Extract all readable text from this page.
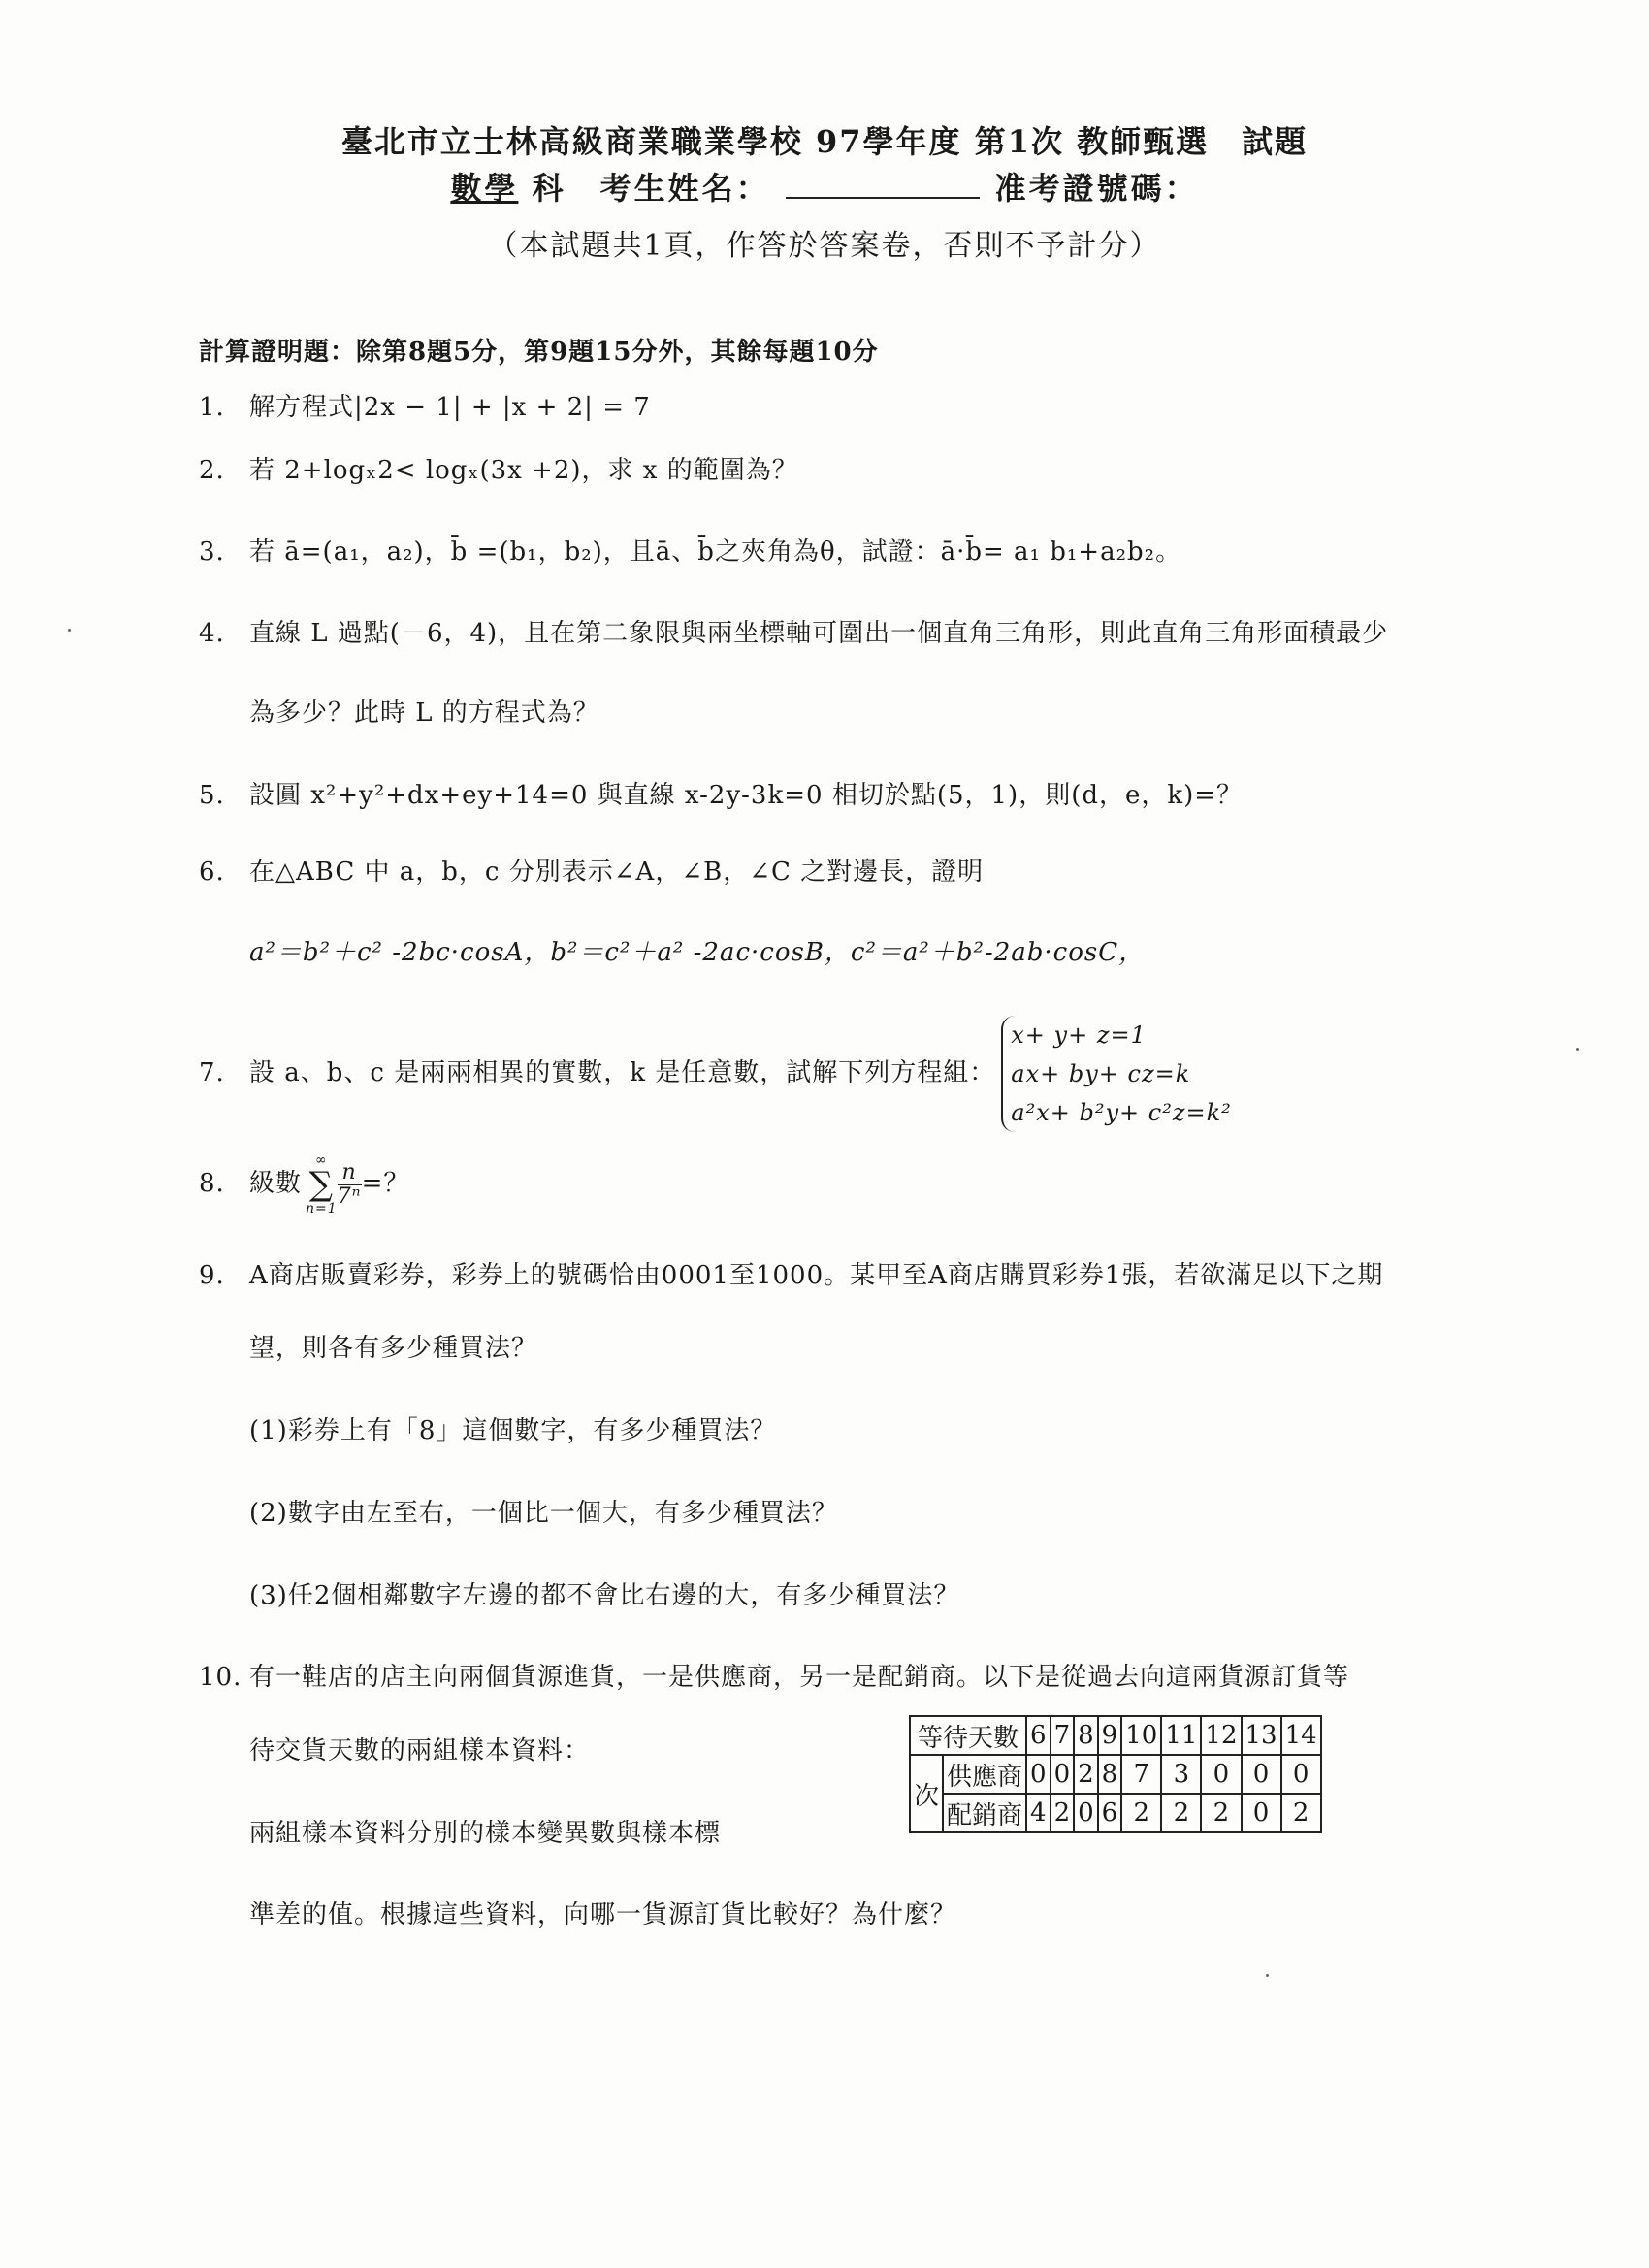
臺北市立士林高級商業職業學校 97學年度 第1次 教師甄選　試題
數學 科　考生姓名：	准考證號碼：
（本試題共1頁，作答於答案卷，否則不予計分）
計算證明題：除第8題5分，第9題15分外，其餘每題10分
1. 解方程式|2x − 1| + |x + 2| = 7
2. 若 2+logₓ2< logₓ(3x +2)，求 x 的範圍為？
3. 若 ā=(a₁，a₂)，b̄ =(b₁，b₂)，且ā、b̄之夾角為θ，試證：ā·b̄= a₁ b₁+a₂b₂。
4. 直線 L 過點(－6，4)，且在第二象限與兩坐標軸可圍出一個直角三角形，則此直角三角形面積最少
為多少？此時 L 的方程式為？
5. 設圓 x²+y²+dx+ey+14=0 與直線 x-2y-3k=0 相切於點(5，1)，則(d，e，k)=？
6. 在△ABC 中 a，b，c 分別表示∠A，∠B，∠C 之對邊長，證明
a²＝b²＋c² -2bc·cosA，b²＝c²＋a² -2ac·cosB，c²＝a²＋b²-2ab·cosC，
7. 設 a、b、c 是兩兩相異的實數，k 是任意數，試解下列方程組：
x+ y+ z=1
ax+ by+ cz=k
a²x+ b²y+ c²z=k²
8. 級數
∞
∑
n=1
$\frac{n}{\text{7ⁿ}}$ =？
9. A商店販賣彩券，彩券上的號碼恰由0001至1000。某甲至A商店購買彩券1張，若欲滿足以下之期
望，則各有多少種買法？
(1)彩券上有「8」這個數字，有多少種買法？
(2)數字由左至右，一個比一個大，有多少種買法？
(3)任2個相鄰數字左邊的都不會比右邊的大，有多少種買法？
10. 有一鞋店的店主向兩個貨源進貨，一是供應商，另一是配銷商。以下是從過去向這兩貨源訂貨等
待交貨天數的兩組樣本資料：
兩組樣本資料分別的樣本變異數與樣本標
準差的值。根據這些資料，向哪一貨源訂貨比較好？為什麼？
等待天數		6	7	8	9	10	11	12	13	14
次	供應商	0	0	2	8	7	3	0	0	0
	配銷商	4	2	0	6	2	2	2	0	2
